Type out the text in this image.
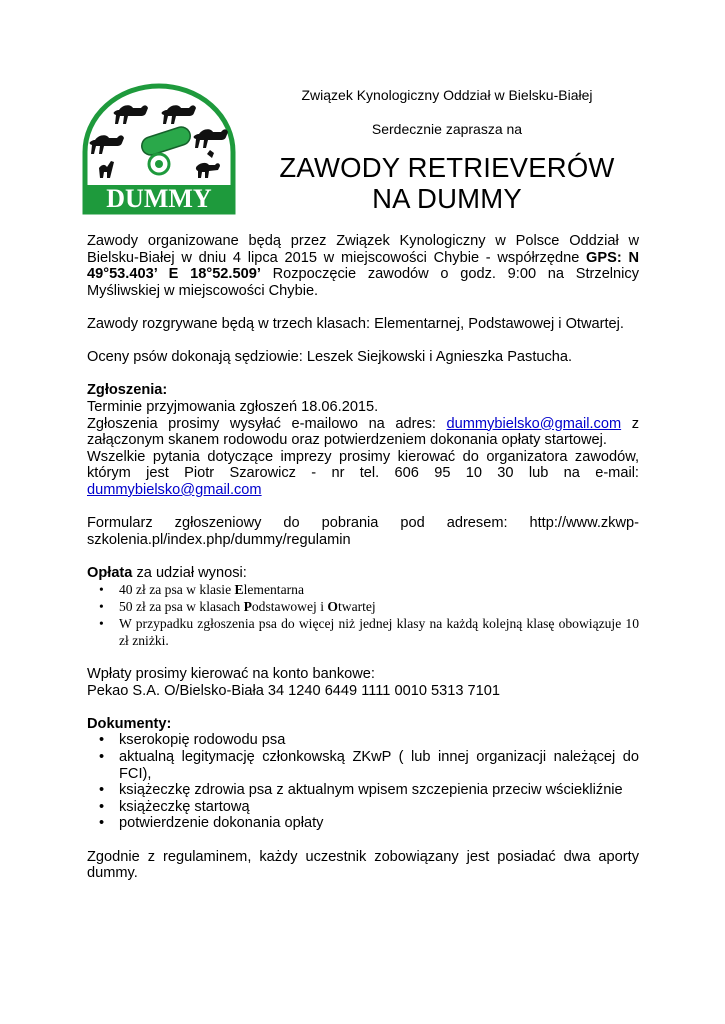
DUMMY

Związek Kynologiczny Oddział w Bielsku-Białej

Serdecznie zaprasza na

ZAWODY RETRIEVERÓW
NA DUMMY

Zawody organizowane będą przez Związek Kynologiczny w Polsce Oddział w Bielsku-Białej w dniu 4 lipca 2015 w miejscowości Chybie - współrzędne GPS: N 49°53.403’ E 18°52.509’ Rozpoczęcie zawodów o godz. 9:00 na Strzelnicy Myśliwskiej w miejscowości Chybie.

Zawody rozgrywane będą w trzech klasach: Elementarnej, Podstawowej i Otwartej.

Oceny psów dokonają sędziowie: Leszek Siejkowski i Agnieszka Pastucha.

Zgłoszenia:
Terminie przyjmowania zgłoszeń 18.06.2015.
Zgłoszenia prosimy wysyłać e-mailowo na adres: dummybielsko@gmail.com z załączonym skanem rodowodu oraz potwierdzeniem dokonania opłaty startowej.
Wszelkie pytania dotyczące imprezy prosimy kierować do organizatora zawodów, którym jest Piotr Szarowicz - nr tel. 606 95 10 30 lub na e-mail: dummybielsko@gmail.com

Formularz zgłoszeniowy do pobrania pod adresem: http://www.zkwp-szkolenia.pl/index.php/dummy/regulamin

Opłata za udział wynosi:
• 40 zł za psa w klasie Elementarna
• 50 zł za psa w klasach Podstawowej i Otwartej
• W przypadku zgłoszenia psa do więcej niż jednej klasy na każdą kolejną klasę obowiązuje 10 zł zniżki.
Wpłaty prosimy kierować na konto bankowe:
Pekao S.A. O/Bielsko-Biała 34 1240 6449 1111 0010 5313 7101
Dokumenty:
• kserokopię rodowodu psa
• aktualną legitymację członkowską ZKwP ( lub innej organizacji należącej do FCI),
• książeczkę zdrowia psa z aktualnym wpisem szczepienia przeciw wściekliźnie
• książeczkę startową
• potwierdzenie dokonania opłaty

Zgodnie z regulaminem, każdy uczestnik zobowiązany jest posiadać dwa aporty dummy.
